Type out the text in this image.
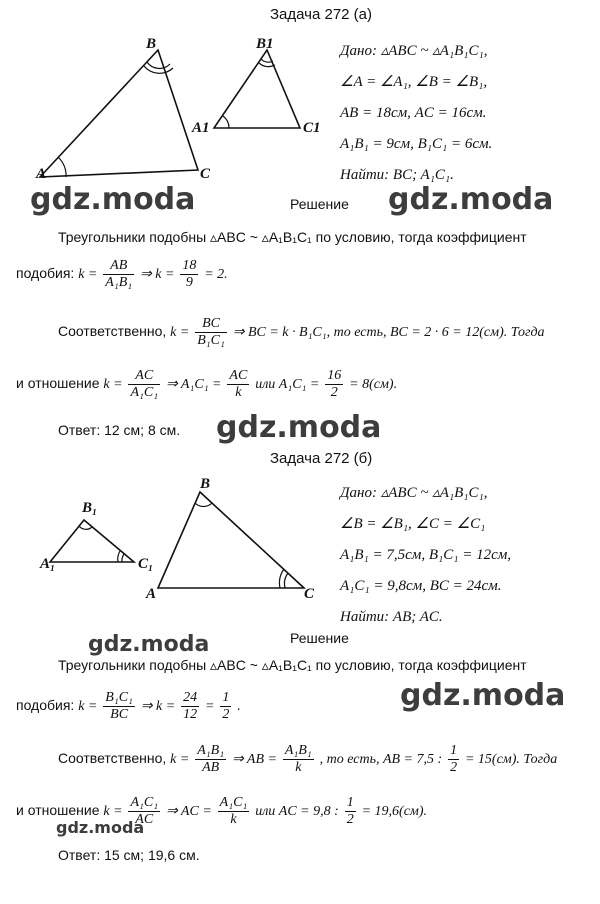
Задача 272 (а)
B
A	C
B1
A1	C1
Дано: ▵ABC ~ ▵A₁B₁C₁,
∠A = ∠A₁, ∠B = ∠B₁,
AB = 18см, AC = 16см.
A₁B₁ = 9см, B₁C₁ = 6см.
Найти: BC; A₁C₁.
gdz.moda	gdz.moda
Решение
Треугольники подобны ▵ABC ~ ▵A₁B₁C₁ по условию, тогда коэффициент
подобия: $k = \frac{AB}{\text{A₁B₁}}$ ⇒ $k = \frac{18}{9} = 2$.
Соответственно, $k = \frac{BC}{\text{B₁C₁}}$ ⇒ BC = k · B₁C₁, то есть, BC = 2 · 6 = 12(см). Тогда
и отношение $k = \frac{AC}{\text{A₁C₁}}$ ⇒ $A_1C_1 = \frac{AC}{k}$ или $A_1C_1 = \frac{16}{2} = 8(см)$.
Ответ: 12 см; 8 см. gdz.moda
Задача 272 (б)
B
A	C
B₁
A₁	C₁
Дано: ▵ABC ~ ▵A₁B₁C₁,
∠B = ∠B₁, ∠C = ∠C₁
A₁B₁ = 7,5см, B₁C₁ = 12см,
A₁C₁ = 9,8см, BC = 24см.
Найти: AB; AC.
gdz.moda	Решение
Треугольники подобны ▵ABC ~ ▵A₁B₁C₁ по условию, тогда коэффициент
gdz.moda
подобия: $k = \frac{\text{B₁C₁}}{BC}$ ⇒ $k = \frac{24}{12} = \frac{1}{2}$ .
Соответственно, $k = \frac{\text{A₁B₁}}{AB}$ ⇒ AB = $\frac{\text{A₁B₁}}{k}$ , то есть, AB = 7,5 : $\frac{1}{2} = 15(см)$. Тогда
и отношение $k = \frac{\text{A₁C₁}}{AC}$ ⇒ AC = $\frac{\text{A₁C₁}}{k}$ или AC = 9,8 : $\frac{1}{2} = 19,6(см)$.
gdz.moda
Ответ: 15 см; 19,6 см.
